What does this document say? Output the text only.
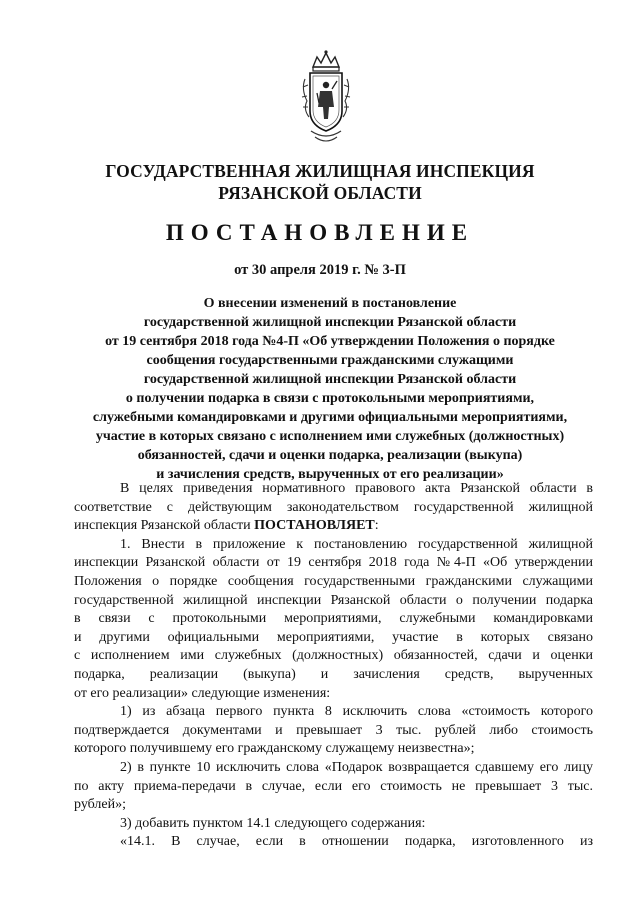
ГОСУДАРСТВЕННАЯ ЖИЛИЩНАЯ ИНСПЕКЦИЯ
РЯЗАНСКОЙ ОБЛАСТИ
ПОСТАНОВЛЕНИЕ
от 30 апреля 2019 г. № 3-П
О внесении изменений в постановление
государственной жилищной инспекции Рязанской области
от 19 сентября 2018 года №4-П «Об утверждении Положения о порядке
сообщения государственными гражданскими служащими
государственной жилищной инспекции Рязанской области
о получении подарка в связи с протокольными мероприятиями,
служебными командировками и другими официальными мероприятиями,
участие в которых связано с исполнением ими служебных (должностных)
обязанностей, сдачи и оценки подарка, реализации (выкупа)
и зачисления средств, вырученных от его реализации»
В целях приведения нормативного правового акта Рязанской области в
соответствие с действующим законодательством государственной жилищной
инспекция Рязанской области ПОСТАНОВЛЯЕТ:
1. Внести в приложение к постановлению государственной жилищной
инспекции Рязанской области от 19 сентября 2018 года №4-П «Об утверждении
Положения о порядке сообщения государственными гражданскими служащими
государственной жилищной инспекции Рязанской области о получении подарка
в связи с протокольными мероприятиями, служебными командировками
и другими официальными мероприятиями, участие в которых связано
с исполнением ими служебных (должностных) обязанностей, сдачи и оценки
подарка, реализации (выкупа) и зачисления средств, вырученных
от его реализации» следующие изменения:
1) из абзаца первого пункта 8 исключить слова «стоимость которого
подтверждается документами и превышает 3 тыс. рублей либо стоимость
которого получившему его гражданскому служащему неизвестна»;
2) в пункте 10 исключить слова «Подарок возвращается сдавшему его лицу
по акту приема-передачи в случае, если его стоимость не превышает 3 тыс.
рублей»;
3) добавить пунктом 14.1 следующего содержания:
«14.1. В случае, если в отношении подарка, изготовленного из
